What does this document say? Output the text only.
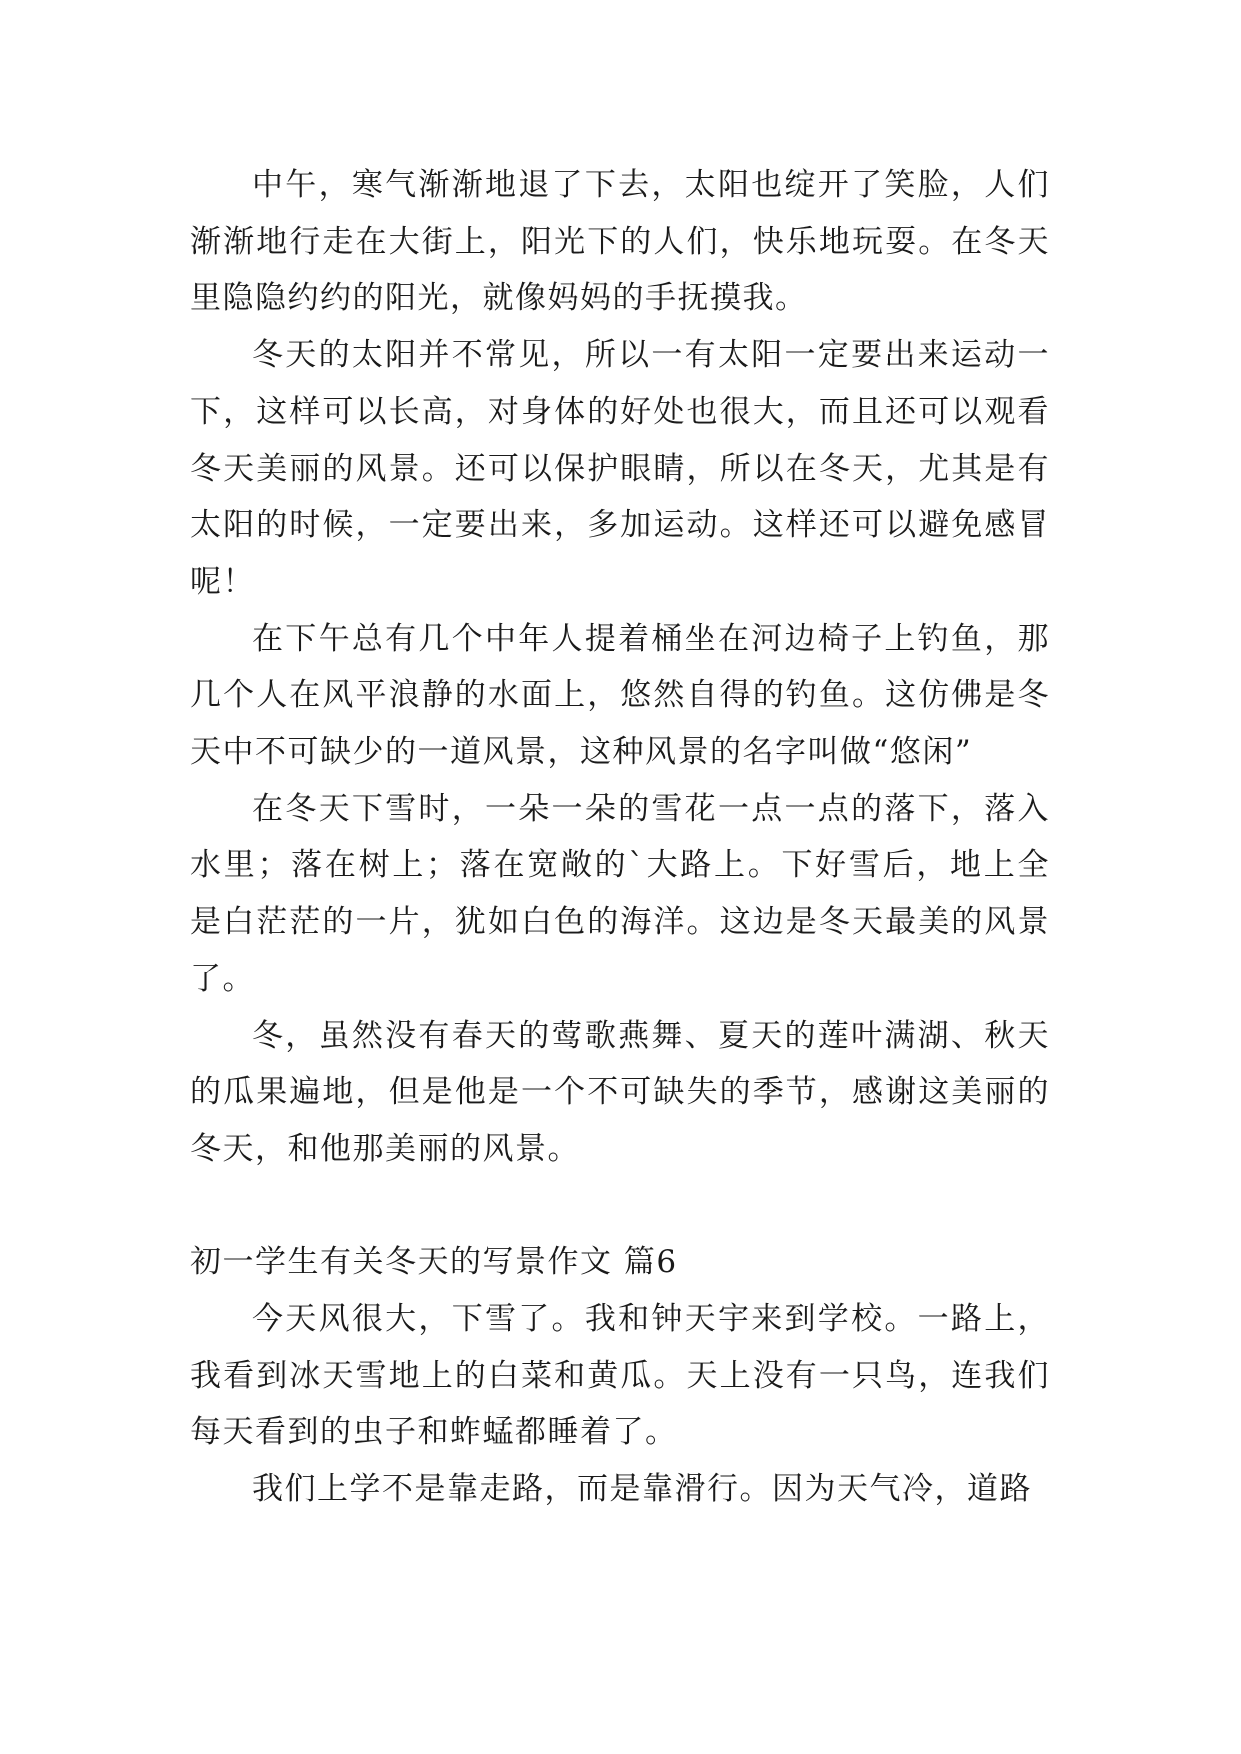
中午，寒气渐渐地退了下去，太阳也绽开了笑脸，人们渐渐地行走在大街上，阳光下的人们，快乐地玩耍。在冬天里隐隐约约的阳光，就像妈妈的手抚摸我。

冬天的太阳并不常见，所以一有太阳一定要出来运动一下，这样可以长高，对身体的好处也很大，而且还可以观看冬天美丽的风景。还可以保护眼睛，所以在冬天，尤其是有太阳的时候，一定要出来，多加运动。这样还可以避免感冒呢！

在下午总有几个中年人提着桶坐在河边椅子上钓鱼，那几个人在风平浪静的水面上，悠然自得的钓鱼。这仿佛是冬天中不可缺少的一道风景，这种风景的名字叫做“悠闲”

在冬天下雪时，一朵一朵的雪花一点一点的落下，落入水里；落在树上；落在宽敞的`大路上。下好雪后，地上全是白茫茫的一片，犹如白色的海洋。这边是冬天最美的风景了。

冬，虽然没有春天的莺歌燕舞、夏天的莲叶满湖、秋天的瓜果遍地，但是他是一个不可缺失的季节，感谢这美丽的冬天，和他那美丽的风景。

初一学生有关冬天的写景作文 篇6

今天风很大，下雪了。我和钟天宇来到学校。一路上，我看到冰天雪地上的白菜和黄瓜。天上没有一只鸟，连我们每天看到的虫子和蚱蜢都睡着了。

我们上学不是靠走路，而是靠滑行。因为天气冷，道路
